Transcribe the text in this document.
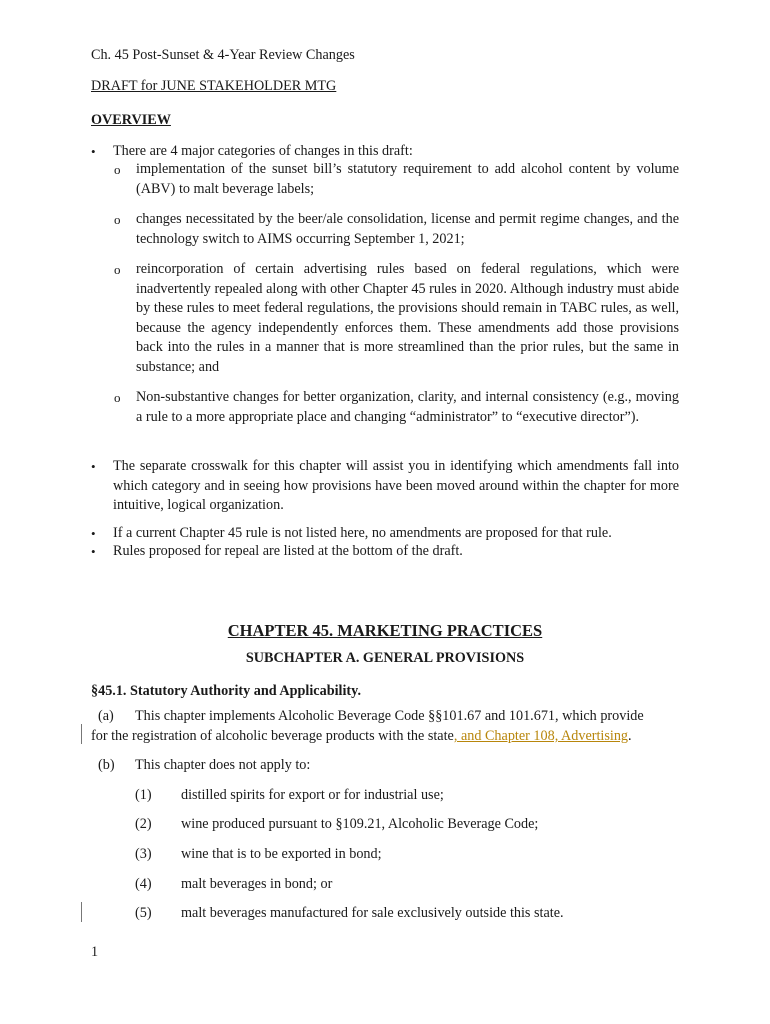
Ch. 45 Post-Sunset & 4-Year Review Changes
DRAFT for JUNE STAKEHOLDER MTG
OVERVIEW
• There are 4 major categories of changes in this draft:
o implementation of the sunset bill’s statutory requirement to add alcohol content by volume (ABV) to malt beverage labels;
o changes necessitated by the beer/ale consolidation, license and permit regime changes, and the technology switch to AIMS occurring September 1, 2021;
o reincorporation of certain advertising rules based on federal regulations, which were inadvertently repealed along with other Chapter 45 rules in 2020. Although industry must abide by these rules to meet federal regulations, the provisions should remain in TABC rules, as well, because the agency independently enforces them. These amendments add those provisions back into the rules in a manner that is more streamlined than the prior rules, but the same in substance; and
o Non-substantive changes for better organization, clarity, and internal consistency (e.g., moving a rule to a more appropriate place and changing “administrator” to “executive director”).
• The separate crosswalk for this chapter will assist you in identifying which amendments fall into which category and in seeing how provisions have been moved around within the chapter for more intuitive, logical organization.
• If a current Chapter 45 rule is not listed here, no amendments are proposed for that rule.
• Rules proposed for repeal are listed at the bottom of the draft.
CHAPTER 45. MARKETING PRACTICES
SUBCHAPTER A. GENERAL PROVISIONS
§45.1. Statutory Authority and Applicability.
(a) This chapter implements Alcoholic Beverage Code §§101.67 and 101.671, which provide
for the registration of alcoholic beverage products with the state, and Chapter 108, Advertising.
(b) This chapter does not apply to:
(1) distilled spirits for export or for industrial use;
(2) wine produced pursuant to §109.21, Alcoholic Beverage Code;
(3) wine that is to be exported in bond;
(4) malt beverages in bond; or
(5) malt beverages manufactured for sale exclusively outside this state.
1
